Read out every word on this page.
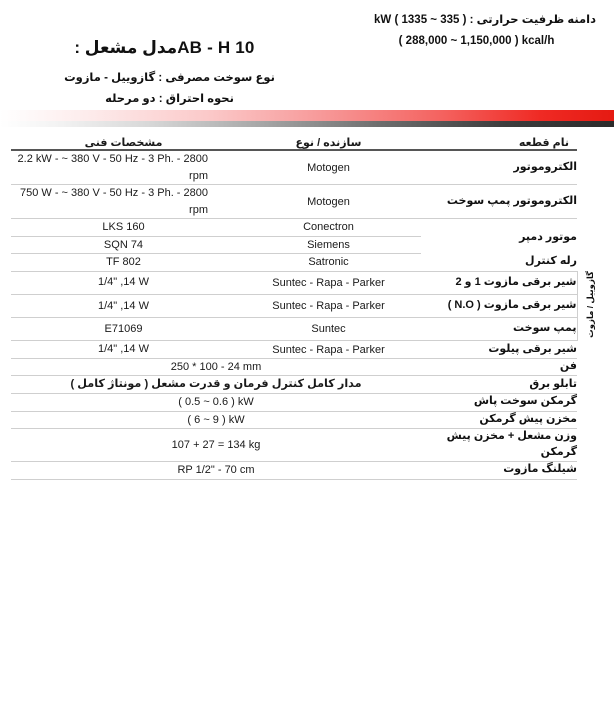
دامنه ظرفیت حرارتی : kW ( 1335 ~ 335 )
( 288,000 ~ 1,150,000 ) kcal/h
AB - H 10مدل مشعل :
نوع سوخت مصرفی : گازوییل - مازوت
نحوه احتراق : دو مرحله
	نام قطعه	سازنده / نوع	مشخصات فنی
	الکتروموتور	Motogen	2.2 kW - ~ 380 V - 50 Hz - 3 Ph. - 2800 rpm
	الکتروموتور پمپ سوخت	Motogen	750 W - ~ 380 V - 50 Hz - 3 Ph. - 2800 rpm
	موتور دمپر	Conectron	LKS 160
		Siemens	SQN 74
	رله کنترل	Satronic	TF 802
گازوییل / مازوت	شیر برقی مازوت 1 و 2	Suntec - Rapa - Parker	1/4" ,14 W
	شیر برقی مازوت ( N.O )	Suntec - Rapa - Parker	1/4" ,14 W
	پمپ سوخت	Suntec	E71069
	شیر برقی پیلوت	Suntec - Rapa - Parker	1/4" ,14 W
	فن	250 * 100 - 24 mm	
	تابلو برق	مدار کامل کنترل فرمان و قدرت مشعل ( مونتاژ کامل )	
	گرمکن سوخت پاش	( 0.5 ~ 0.6 ) kW	
	مخزن پیش گرمکن	( 6 ~ 9 ) kW	
	وزن مشعل + مخزن پیش گرمکن	107 + 27 = 134 kg	
	شیلنگ مازوت	RP 1/2" - 70 cm	
